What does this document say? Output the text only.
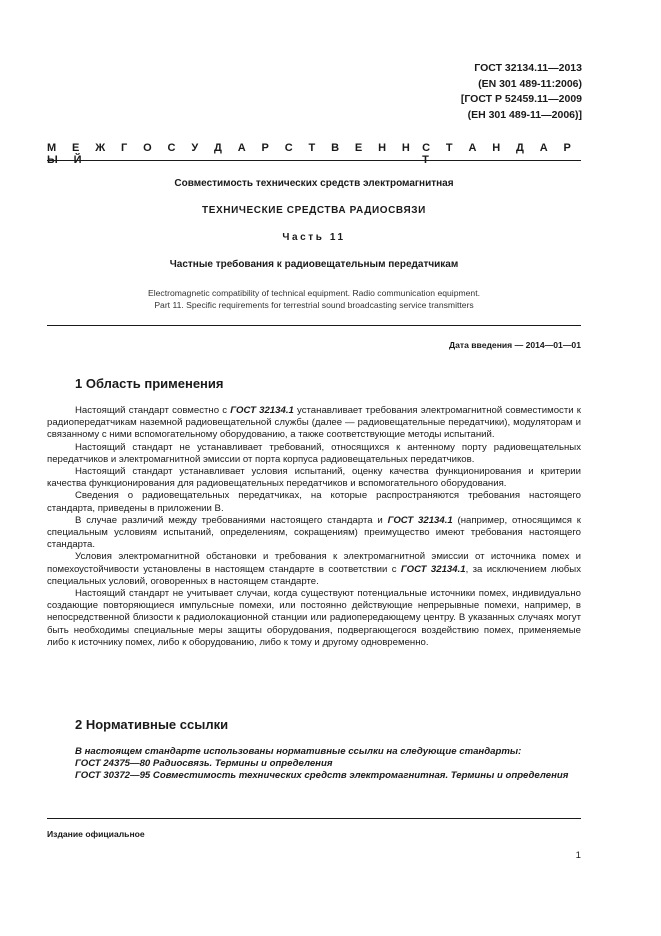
ГОСТ 32134.11—2013
(EN 301 489-11:2006)
[ГОСТ Р 52459.11—2009
(ЕН 301 489-11—2006)]
М Е Ж Г О С У Д А Р С Т В Е Н Н Ы Й
С Т А Н Д А Р Т
Совместимость технических средств электромагнитная
ТЕХНИЧЕСКИЕ СРЕДСТВА РАДИОСВЯЗИ
Часть 11
Частные требования к радиовещательным передатчикам
Electromagnetic compatibility of technical equipment. Radio communication equipment.
Part 11. Specific requirements for terrestrial sound broadcasting service transmitters
Дата введения — 2014—01—01
1 Область применения

Настоящий стандарт совместно с ГОСТ 32134.1 устанавливает требования электромагнитной совместимости к радиопередатчикам наземной радиовещательной службы (далее — радиовещательные передатчики), модуляторам и связанному с ними вспомогательному оборудованию, а также соответствующие методы испытаний.

Настоящий стандарт не устанавливает требований, относящихся к антенному порту радиовещательных передатчиков и электромагнитной эмиссии от порта корпуса радиовещательных передатчиков.

Настоящий стандарт устанавливает условия испытаний, оценку качества функционирования и критерии качества функционирования для радиовещательных передатчиков и вспомогательного оборудования.

Сведения о радиовещательных передатчиках, на которые распространяются требования настоящего стандарта, приведены в приложении В.

В случае различий между требованиями настоящего стандарта и ГОСТ 32134.1 (например, относящимся к специальным условиям испытаний, определениям, сокращениям) преимущество имеют требования настоящего стандарта.

Условия электромагнитной обстановки и требования к электромагнитной эмиссии от источника помех и помехоустойчивости установлены в настоящем стандарте в соответствии с ГОСТ 32134.1, за исключением любых специальных условий, оговоренных в настоящем стандарте.

Настоящий стандарт не учитывает случаи, когда существуют потенциальные источники помех, индивидуально создающие повторяющиеся импульсные помехи, или постоянно действующие непрерывные помехи, например, в непосредственной близости к радиолокационной станции или радиопередающему центру. В указанных случаях могут быть необходимы специальные меры защиты оборудования, подвергающегося воздействию помех, применяемые либо к источнику помех, либо к оборудованию, либо к тому и другому одновременно.

2 Нормативные ссылки

В настоящем стандарте использованы нормативные ссылки на следующие стандарты:

ГОСТ 24375—80 Радиосвязь. Термины и определения

ГОСТ 30372—95 Совместимость технических средств электромагнитная. Термины и определения

Издание официальное
1
